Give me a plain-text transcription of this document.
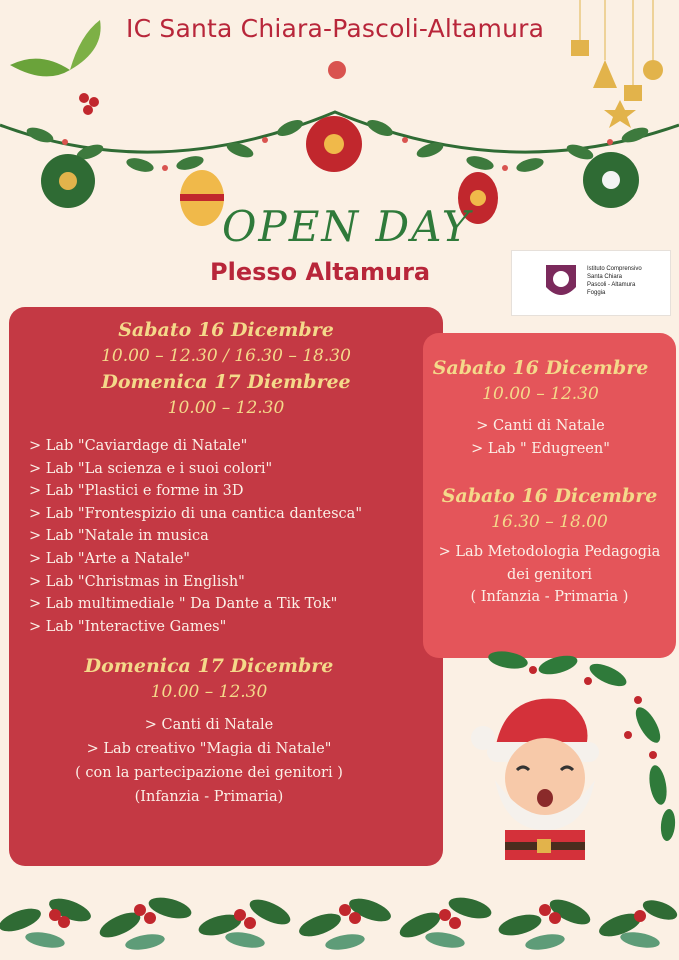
IC Santa Chiara-Pascoli-Altamura
OPEN DAY
Plesso Altamura	Istituto Comprensivo
Santa Chiara
Pascoli - Altamura
Foggia
Sabato 16 Dicembre
10.00 – 12.30 / 16.30 – 18.30
Domenica 17 Diembree
10.00 – 12.30
> Lab "Caviardage di Natale"
> Lab "La scienza e i suoi colori"
> Lab "Plastici e forme in 3D
> Lab "Frontespizio di una cantica dantesca"
> Lab "Natale in musica
> Lab "Arte a Natale"
> Lab "Christmas in English"
> Lab multimediale " Da Dante a Tik Tok"
> Lab "Interactive Games"
Domenica 17 Dicembre
10.00 – 12.30
> Canti di Natale
> Lab creativo "Magia di Natale"
( con la partecipazione dei genitori )
(Infanzia - Primaria)
Sabato 16 Dicembre
10.00 – 12.30
> Canti di Natale
> Lab " Edugreen"
Sabato 16 Dicembre
16.30 – 18.00
> Lab Metodologia Pedagogia
dei genitori
( Infanzia - Primaria )
